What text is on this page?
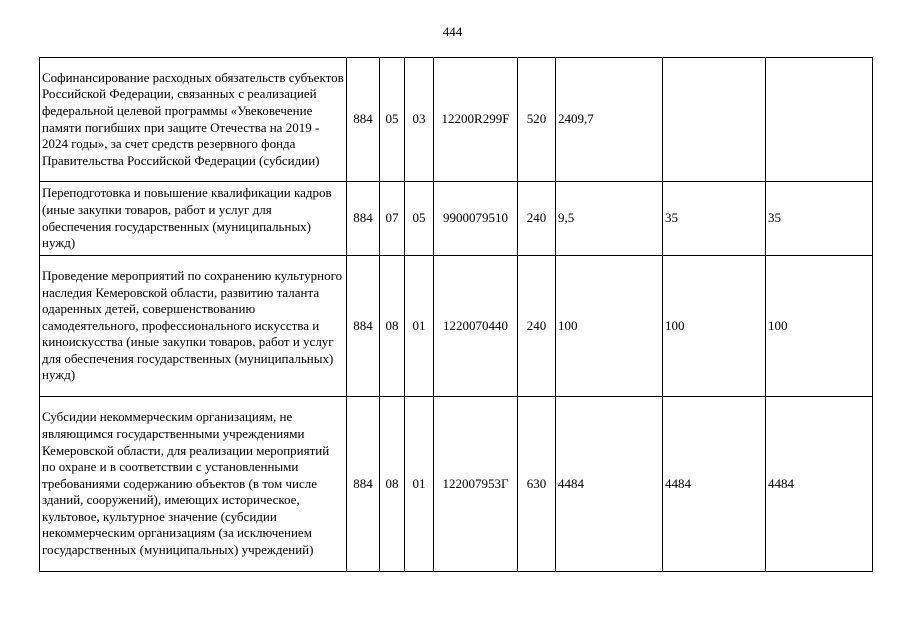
444
Софинансирование расходных обязательств субъектов Российской Федерации, связанных с реализацией федеральной целевой программы «Увековечение памяти погибших при защите Отечества на 2019 - 2024 годы», за счет средств резервного фонда Правительства Российской Федерации (субсидии)	884	05	03	12200R299F	520	2409,7		
Переподготовка и повышение квалификации кадров (иные закупки товаров, работ и услуг для обеспечения государственных (муниципальных) нужд)	884	07	05	9900079510	240	9,5	35	35
Проведение мероприятий по сохранению культурного наследия Кемеровской области, развитию таланта одаренных детей, совершенствованию самодеятельного, профессионального искусства и киноискусства (иные закупки товаров, работ и услуг для обеспечения государственных (муниципальных) нужд)	884	08	01	1220070440	240	100	100	100
Субсидии некоммерческим организациям, не являющимся государственными учреждениями Кемеровской области, для реализации мероприятий по охране и в соответствии с установленными требованиями содержанию объектов (в том числе зданий, сооружений), имеющих историческое, культовое, культурное значение (субсидии некоммерческим организациям (за исключением государственных (муниципальных) учреждений)	884	08	01	122007953Г	630	4484	4484	4484
